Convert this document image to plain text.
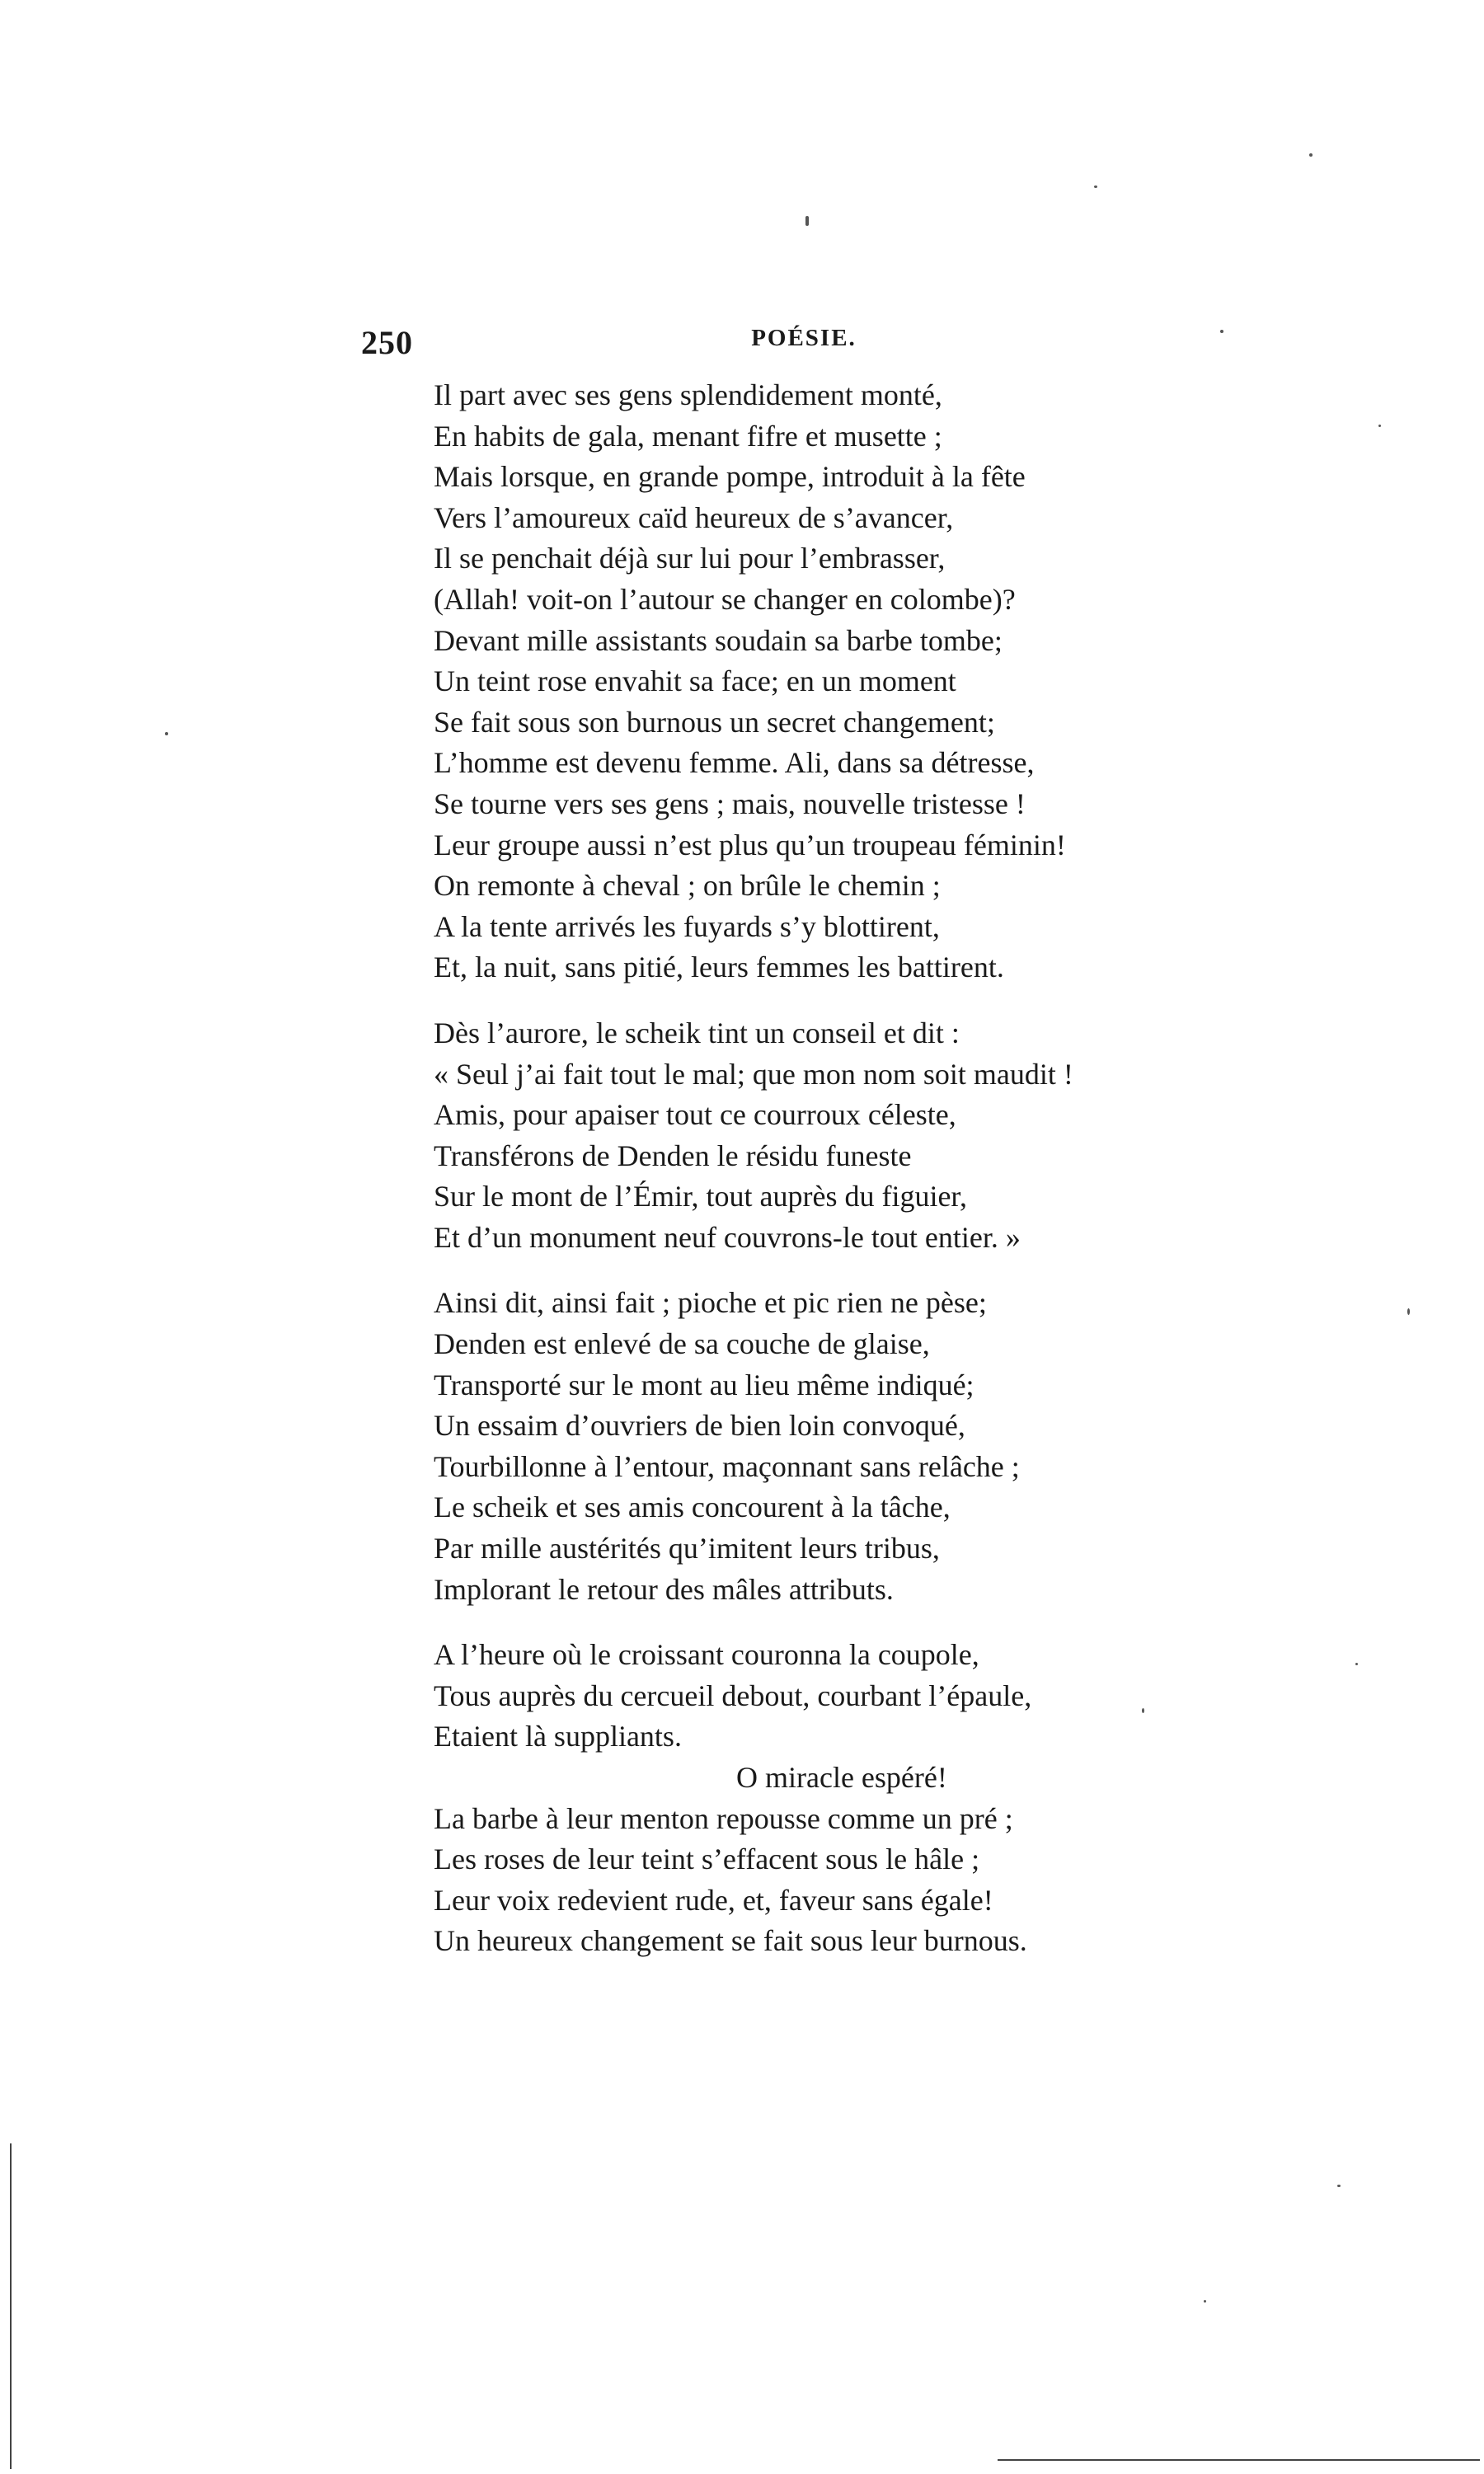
250	POÉSIE.
Il part avec ses gens splendidement monté,
En habits de gala, menant fifre et musette ;
Mais lorsque, en grande pompe, introduit à la fête
Vers l’amoureux caïd heureux de s’avancer,
Il se penchait déjà sur lui pour l’embrasser,
(Allah! voit-on l’autour se changer en colombe)?
Devant mille assistants soudain sa barbe tombe;
Un teint rose envahit sa face; en un moment
Se fait sous son burnous un secret changement;
L’homme est devenu femme. Ali, dans sa détresse,
Se tourne vers ses gens ; mais, nouvelle tristesse !
Leur groupe aussi n’est plus qu’un troupeau féminin!
On remonte à cheval ; on brûle le chemin ;
A la tente arrivés les fuyards s’y blottirent,
Et, la nuit, sans pitié, leurs femmes les battirent.
Dès l’aurore, le scheik tint un conseil et dit :
« Seul j’ai fait tout le mal; que mon nom soit maudit !
Amis, pour apaiser tout ce courroux céleste,
Transférons de Denden le résidu funeste
Sur le mont de l’Émir, tout auprès du figuier,
Et d’un monument neuf couvrons-le tout entier. »
Ainsi dit, ainsi fait ; pioche et pic rien ne pèse;
Denden est enlevé de sa couche de glaise,
Transporté sur le mont au lieu même indiqué;
Un essaim d’ouvriers de bien loin convoqué,
Tourbillonne à l’entour, maçonnant sans relâche ;
Le scheik et ses amis concourent à la tâche,
Par mille austérités qu’imitent leurs tribus,
Implorant le retour des mâles attributs.
A l’heure où le croissant couronna la coupole,
Tous auprès du cercueil debout, courbant l’épaule,
Etaient là suppliants.
O miracle espéré!
La barbe à leur menton repousse comme un pré ;
Les roses de leur teint s’effacent sous le hâle ;
Leur voix redevient rude, et, faveur sans égale!
Un heureux changement se fait sous leur burnous.
